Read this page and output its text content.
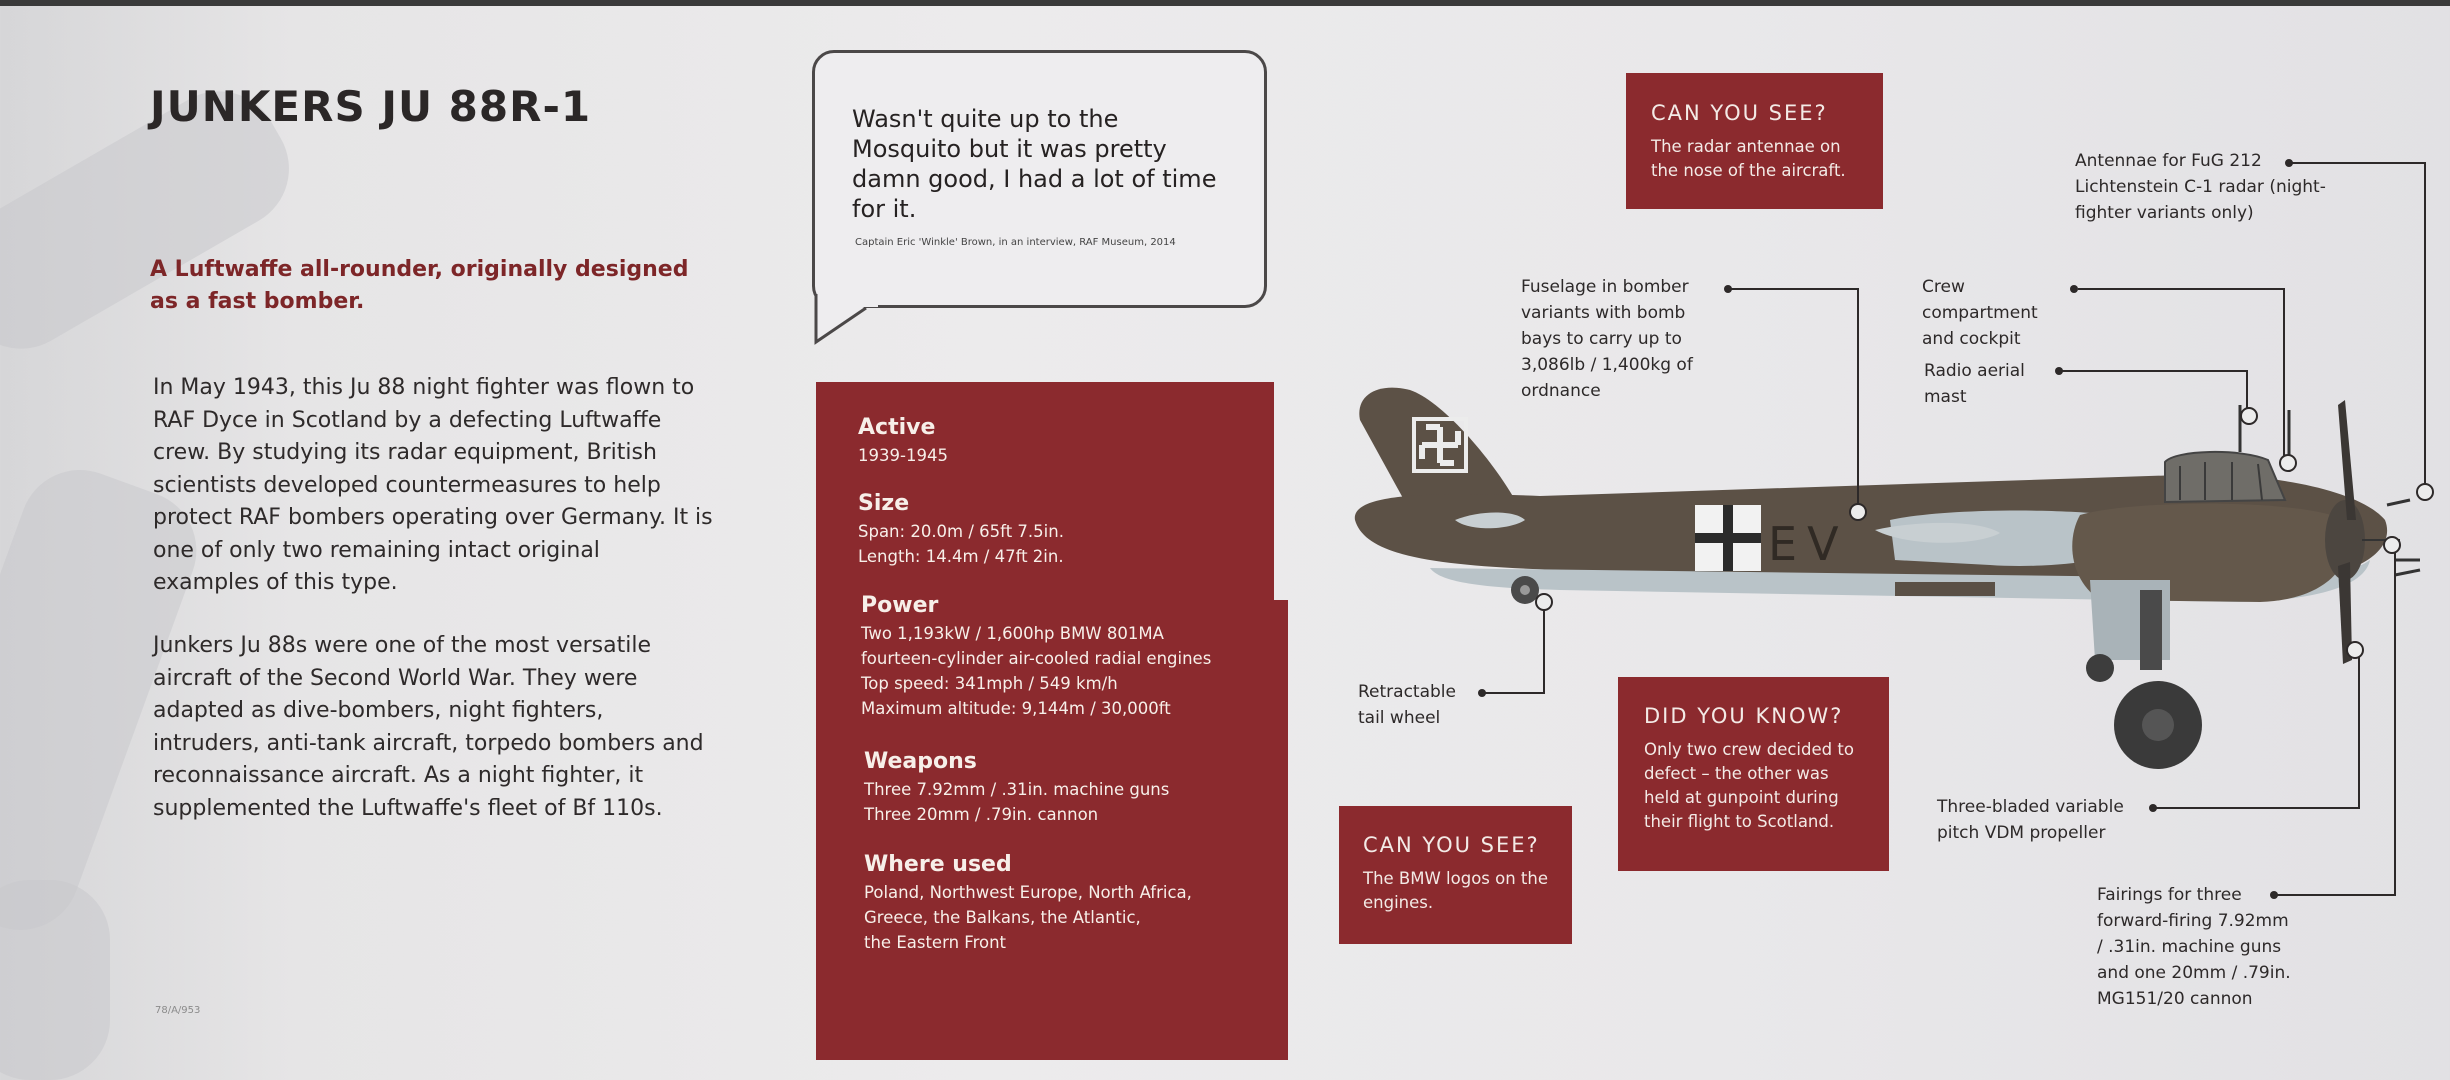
JUNKERS JU 88R-1
A Luftwaffe all-rounder, originally designed as a fast bomber.
In May 1943, this Ju 88 night fighter was flown to RAF Dyce in Scotland by a defecting Luftwaffe crew. By studying its radar equipment, British scientists developed countermeasures to help protect RAF bombers operating over Germany. It is one of only two remaining intact original examples of this type.
Junkers Ju 88s were one of the most versatile aircraft of the Second World War. They were adapted as dive-bombers, night fighters, intruders, anti-tank aircraft, torpedo bombers and reconnaissance aircraft. As a night fighter, it supplemented the Luftwaffe's fleet of Bf 110s.
78/A/953
Wasn't quite up to the Mosquito but it was pretty damn good, I had a lot of time for it.
Captain Eric 'Winkle' Brown, in an interview, RAF Museum, 2014
Active
1939-1945
Size
Span: 20.0m / 65ft 7.5in.
Length: 14.4m / 47ft 2in.
Power
Two 1,193kW / 1,600hp BMW 801MA
fourteen-cylinder air-cooled radial engines
Top speed: 341mph / 549 km/h
Maximum altitude: 9,144m / 30,000ft
Weapons
Three 7.92mm / .31in. machine guns
Three 20mm / .79in. cannon
Where used
Poland, Northwest Europe, North Africa,
Greece, the Balkans, the Atlantic,
the Eastern Front
CAN YOU SEE?
The radar antennae on the nose of the aircraft.
DID YOU KNOW?
Only two crew decided to defect – the other was held at gunpoint during their flight to Scotland.
CAN YOU SEE?
The BMW logos on the engines.
EV
Fuselage in bomber variants with bomb bays to carry up to 3,086lb / 1,400kg of ordnance
Antennae for FuG 212 Lichtenstein C-1 radar (night-fighter variants only)
Crew compartment and cockpit
Radio aerial mast
Retractable tail wheel
Three-bladed variable pitch VDM propeller
Fairings for three forward-firing 7.92mm / .31in. machine guns and one 20mm / .79in. MG151/20 cannon
